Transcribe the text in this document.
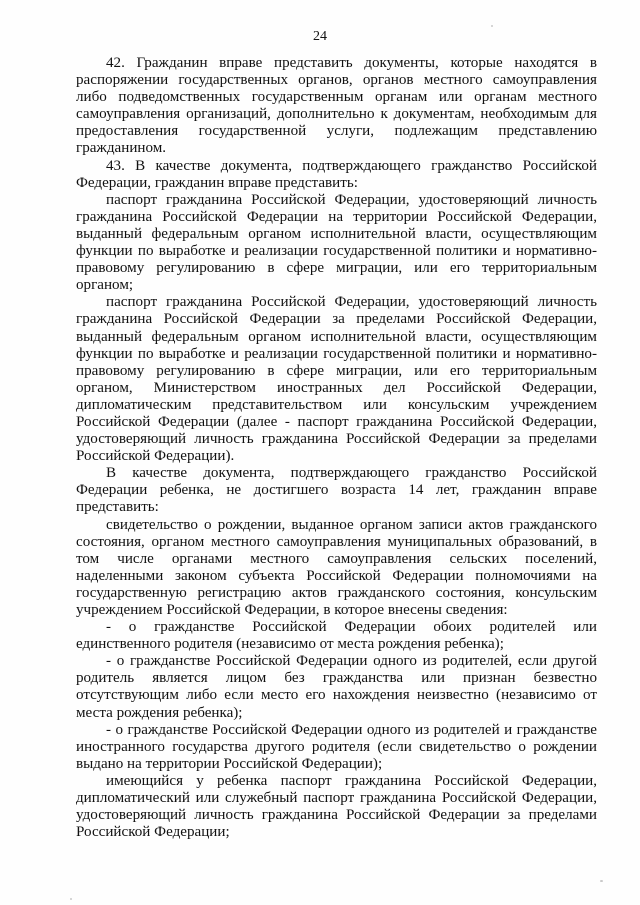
24

42. Гражданин вправе представить документы, которые находятся в распоряжении государственных органов, органов местного самоуправления либо подведомственных государственным органам или органам местного самоуправления организаций, дополнительно к документам, необходимым для предоставления государственной услуги, подлежащим представлению гражданином.

43. В качестве документа, подтверждающего гражданство Российской Федерации, гражданин вправе представить:

паспорт гражданина Российской Федерации, удостоверяющий личность гражданина Российской Федерации на территории Российской Федерации, выданный федеральным органом исполнительной власти, осуществляющим функции по выработке и реализации государственной политики и нормативно-правовому регулированию в сфере миграции, или его территориальным органом;

паспорт гражданина Российской Федерации, удостоверяющий личность гражданина Российской Федерации за пределами Российской Федерации, выданный федеральным органом исполнительной власти, осуществляющим функции по выработке и реализации государственной политики и нормативно-правовому регулированию в сфере миграции, или его территориальным органом, Министерством иностранных дел Российской Федерации, дипломатическим представительством или консульским учреждением Российской Федерации (далее - паспорт гражданина Российской Федерации, удостоверяющий личность гражданина Российской Федерации за пределами Российской Федерации).

В качестве документа, подтверждающего гражданство Российской Федерации ребенка, не достигшего возраста 14 лет, гражданин вправе представить:

свидетельство о рождении, выданное органом записи актов гражданского состояния, органом местного самоуправления муниципальных образований, в том числе органами местного самоуправления сельских поселений, наделенными законом субъекта Российской Федерации полномочиями на государственную регистрацию актов гражданского состояния, консульским учреждением Российской Федерации, в которое внесены сведения:

- о гражданстве Российской Федерации обоих родителей или единственного родителя (независимо от места рождения ребенка);

- о гражданстве Российской Федерации одного из родителей, если другой родитель является лицом без гражданства или признан безвестно отсутствующим либо если место его нахождения неизвестно (независимо от места рождения ребенка);

- о гражданстве Российской Федерации одного из родителей и гражданстве иностранного государства другого родителя (если свидетельство о рождении выдано на территории Российской Федерации);

имеющийся у ребенка паспорт гражданина Российской Федерации, дипломатический или служебный паспорт гражданина Российской Федерации, удостоверяющий личность гражданина Российской Федерации за пределами Российской Федерации;
